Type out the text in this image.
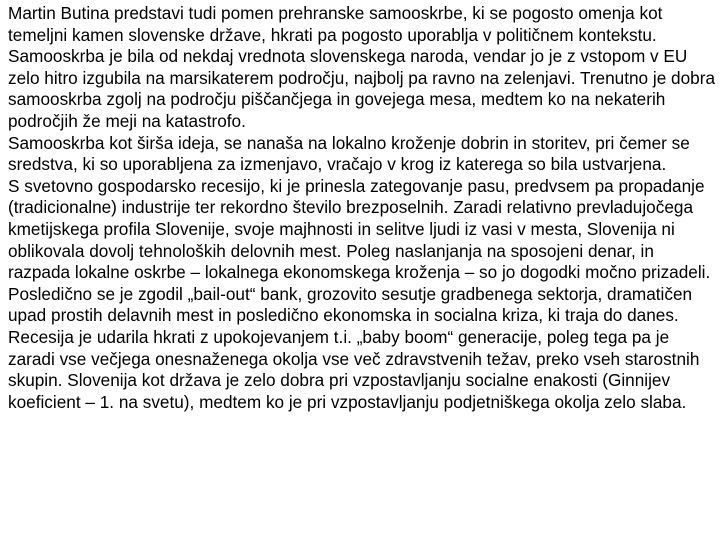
Martin Butina predstavi tudi pomen prehranske samooskrbe, ki se pogosto omenja kot temeljni kamen slovenske države, hkrati pa pogosto uporablja v političnem kontekstu. Samooskrba je bila od nekdaj vrednota slovenskega naroda, vendar jo je z vstopom v EU zelo hitro izgubila na marsikaterem področju, najbolj pa ravno na zelenjavi. Trenutno je dobra samooskrba zgolj na področju piščančjega in govejega mesa, medtem ko na nekaterih področjih že meji na katastrofo.

Samooskrba kot širša ideja, se nanaša na lokalno kroženje dobrin in storitev, pri čemer se sredstva, ki so uporabljena za izmenjavo, vračajo v krog iz katerega so bila ustvarjena.

S svetovno gospodarsko recesijo, ki je prinesla zategovanje pasu, predvsem pa propadanje (tradicionalne) industrije ter rekordno število brezposelnih. Zaradi relativno prevladujočega kmetijskega profila Slovenije, svoje majhnosti in selitve ljudi iz vasi v mesta, Slovenija ni oblikovala dovolj tehnoloških delovnih mest. Poleg naslanjanja na sposojeni denar, in razpada lokalne oskrbe – lokalnega ekonomskega kroženja – so jo dogodki močno prizadeli. Posledično se je zgodil „bail-out“ bank, grozovito sesutje gradbenega sektorja, dramatičen upad prostih delavnih mest in posledično ekonomska in socialna kriza, ki traja do danes.

Recesija je udarila hkrati z upokojevanjem t.i. „baby boom“ generacije, poleg tega pa je zaradi vse večjega onesnaženega okolja vse več zdravstvenih težav, preko vseh starostnih skupin. Slovenija kot država je zelo dobra pri vzpostavljanju socialne enakosti (Ginnijev koeficient – 1. na svetu), medtem ko je pri vzpostavljanju podjetniškega okolja zelo slaba.
